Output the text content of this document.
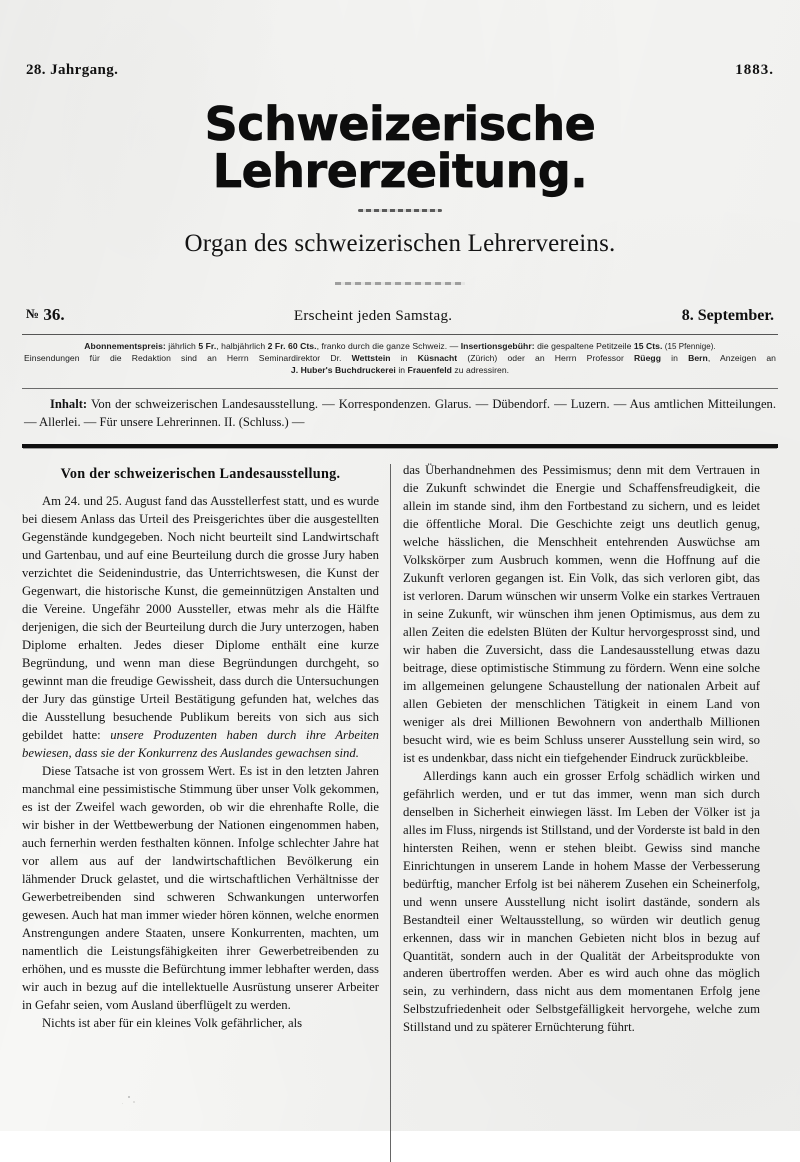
28. Jahrgang.	1883.
Schweizerische Lehrerzeitung.
Organ des schweizerischen Lehrervereins.
№ 36.	Erscheint jeden Samstag.	8. September.
Abonnementspreis: jährlich 5 Fr., halbjährlich 2 Fr. 60 Cts., franko durch die ganze Schweiz. — Insertionsgebühr: die gespaltene Petitzeile 15 Cts. (15 Pfennige).
Einsendungen für die Redaktion sind an Herrn Seminardirektor Dr. Wettstein in Küsnacht (Zürich) oder an Herrn Professor Rüegg in Bern, Anzeigen an
J. Huber's Buchdruckerei in Frauenfeld zu adressiren.
Inhalt: Von der schweizerischen Landesausstellung. — Korrespondenzen. Glarus. — Dübendorf. — Luzern. — Aus amtlichen Mitteilungen. — Allerlei. — Für unsere Lehrerinnen. II. (Schluss.) —
Von der schweizerischen Landesausstellung.

Am 24. und 25. August fand das Ausstellerfest statt, und es wurde bei diesem Anlass das Urteil des Preisgerichtes über die ausgestellten Gegenstände kundgegeben. Noch nicht beurteilt sind Landwirtschaft und Gartenbau, und auf eine Beurteilung durch die grosse Jury haben verzichtet die Seidenindustrie, das Unterrichtswesen, die Kunst der Gegenwart, die historische Kunst, die gemeinnützigen Anstalten und die Vereine. Ungefähr 2000 Aussteller, etwas mehr als die Hälfte derjenigen, die sich der Beurteilung durch die Jury unterzogen, haben Diplome erhalten. Jedes dieser Diplome enthält eine kurze Begründung, und wenn man diese Begründungen durchgeht, so gewinnt man die freudige Gewissheit, dass durch die Untersuchungen der Jury das günstige Urteil Bestätigung gefunden hat, welches das die Ausstellung besuchende Publikum bereits von sich aus sich gebildet hatte: unsere Produzenten haben durch ihre Arbeiten bewiesen, dass sie der Konkurrenz des Auslandes gewachsen sind.

Diese Tatsache ist von grossem Wert. Es ist in den letzten Jahren manchmal eine pessimistische Stimmung über unser Volk gekommen, es ist der Zweifel wach geworden, ob wir die ehrenhafte Rolle, die wir bisher in der Wettbewerbung der Nationen eingenommen haben, auch fernerhin werden festhalten können. Infolge schlechter Jahre hat vor allem aus auf der landwirtschaftlichen Bevölkerung ein lähmender Druck gelastet, und die wirtschaftlichen Verhältnisse der Gewerbetreibenden sind schweren Schwankungen unterworfen gewesen. Auch hat man immer wieder hören können, welche enormen Anstrengungen andere Staaten, unsere Konkurrenten, machten, um namentlich die Leistungsfähigkeiten ihrer Gewerbetreibenden zu erhöhen, und es musste die Befürchtung immer lebhafter werden, dass wir auch in bezug auf die intellektuelle Ausrüstung unserer Arbeiter in Gefahr seien, vom Ausland überflügelt zu werden.

Nichts ist aber für ein kleines Volk gefährlicher, als

das Überhandnehmen des Pessimismus; denn mit dem Vertrauen in die Zukunft schwindet die Energie und Schaffensfreudigkeit, die allein im stande sind, ihm den Fortbestand zu sichern, und es leidet die öffentliche Moral. Die Geschichte zeigt uns deutlich genug, welche hässlichen, die Menschheit entehrenden Auswüchse am Volkskörper zum Ausbruch kommen, wenn die Hoffnung auf die Zukunft verloren gegangen ist. Ein Volk, das sich verloren gibt, das ist verloren. Darum wünschen wir unserm Volke ein starkes Vertrauen in seine Zukunft, wir wünschen ihm jenen Optimismus, aus dem zu allen Zeiten die edelsten Blüten der Kultur hervorgesprosst sind, und wir haben die Zuversicht, dass die Landesausstellung etwas dazu beitrage, diese optimistische Stimmung zu fördern. Wenn eine solche im allgemeinen gelungene Schaustellung der nationalen Arbeit auf allen Gebieten der menschlichen Tätigkeit in einem Land von weniger als drei Millionen Bewohnern von anderthalb Millionen besucht wird, wie es beim Schluss unserer Ausstellung sein wird, so ist es undenkbar, dass nicht ein tiefgehender Eindruck zurückbleibe.

Allerdings kann auch ein grosser Erfolg schädlich wirken und gefährlich werden, und er tut das immer, wenn man sich durch denselben in Sicherheit einwiegen lässt. Im Leben der Völker ist ja alles im Fluss, nirgends ist Stillstand, und der Vorderste ist bald in den hintersten Reihen, wenn er stehen bleibt. Gewiss sind manche Einrichtungen in unserem Lande in hohem Masse der Verbesserung bedürftig, mancher Erfolg ist bei näherem Zusehen ein Scheinerfolg, und wenn unsere Ausstellung nicht isolirt dastände, sondern als Bestandteil einer Weltausstellung, so würden wir deutlich genug erkennen, dass wir in manchen Gebieten nicht blos in bezug auf Quantität, sondern auch in der Qualität der Arbeitsprodukte von anderen übertroffen werden. Aber es wird auch ohne das möglich sein, zu verhindern, dass nicht aus dem momentanen Erfolg jene Selbstzufriedenheit oder Selbstgefälligkeit hervorgehe, welche zum Stillstand und zu späterer Ernüchterung führt.
